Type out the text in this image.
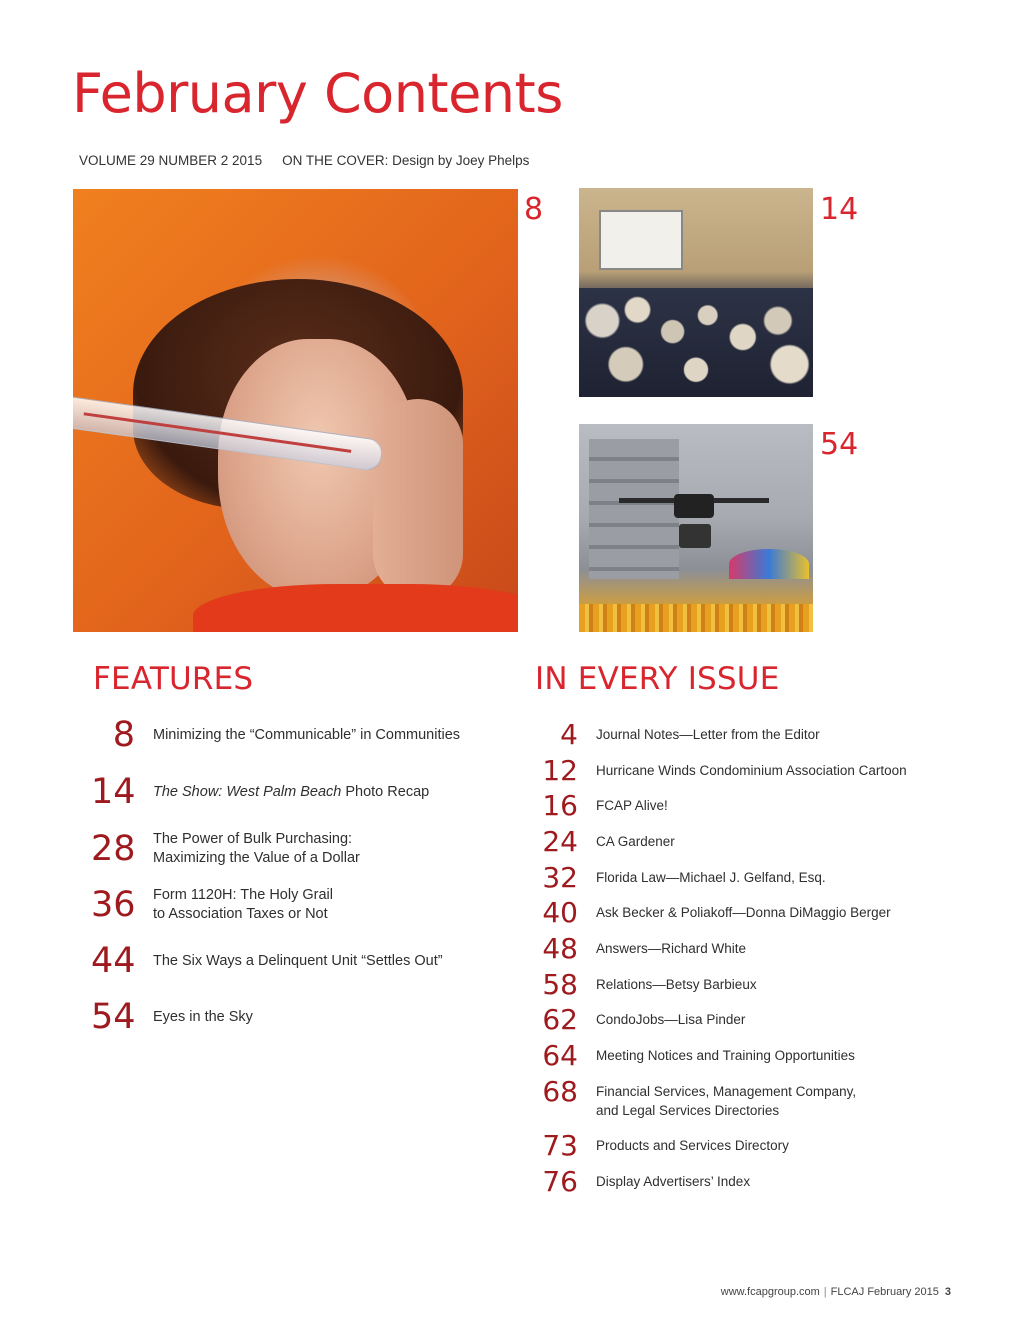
February Contents
VOLUME 29 NUMBER 2 2015 ON THE COVER: Design by Joey Phelps
8	14
54
FEATURES
8 Minimizing the “Communicable” in Communities
14 The Show: West Palm Beach Photo Recap
28 The Power of Bulk Purchasing:
Maximizing the Value of a Dollar
36 Form 1120H: The Holy Grail
to Association Taxes or Not
44 The Six Ways a Delinquent Unit “Settles Out”
54 Eyes in the Sky
IN EVERY ISSUE
4 Journal Notes—Letter from the Editor
12 Hurricane Winds Condominium Association Cartoon
16 FCAP Alive!
24 CA Gardener
32 Florida Law—Michael J. Gelfand, Esq.
40 Ask Becker & Poliakoff—Donna DiMaggio Berger
48 Answers—Richard White
58 Relations—Betsy Barbieux
62 CondoJobs—Lisa Pinder
64 Meeting Notices and Training Opportunities
68 Financial Services, Management Company,
and Legal Services Directories
73 Products and Services Directory
76 Display Advertisers’ Index
www.fcapgroup.com | FLCAJ February 2015 3
